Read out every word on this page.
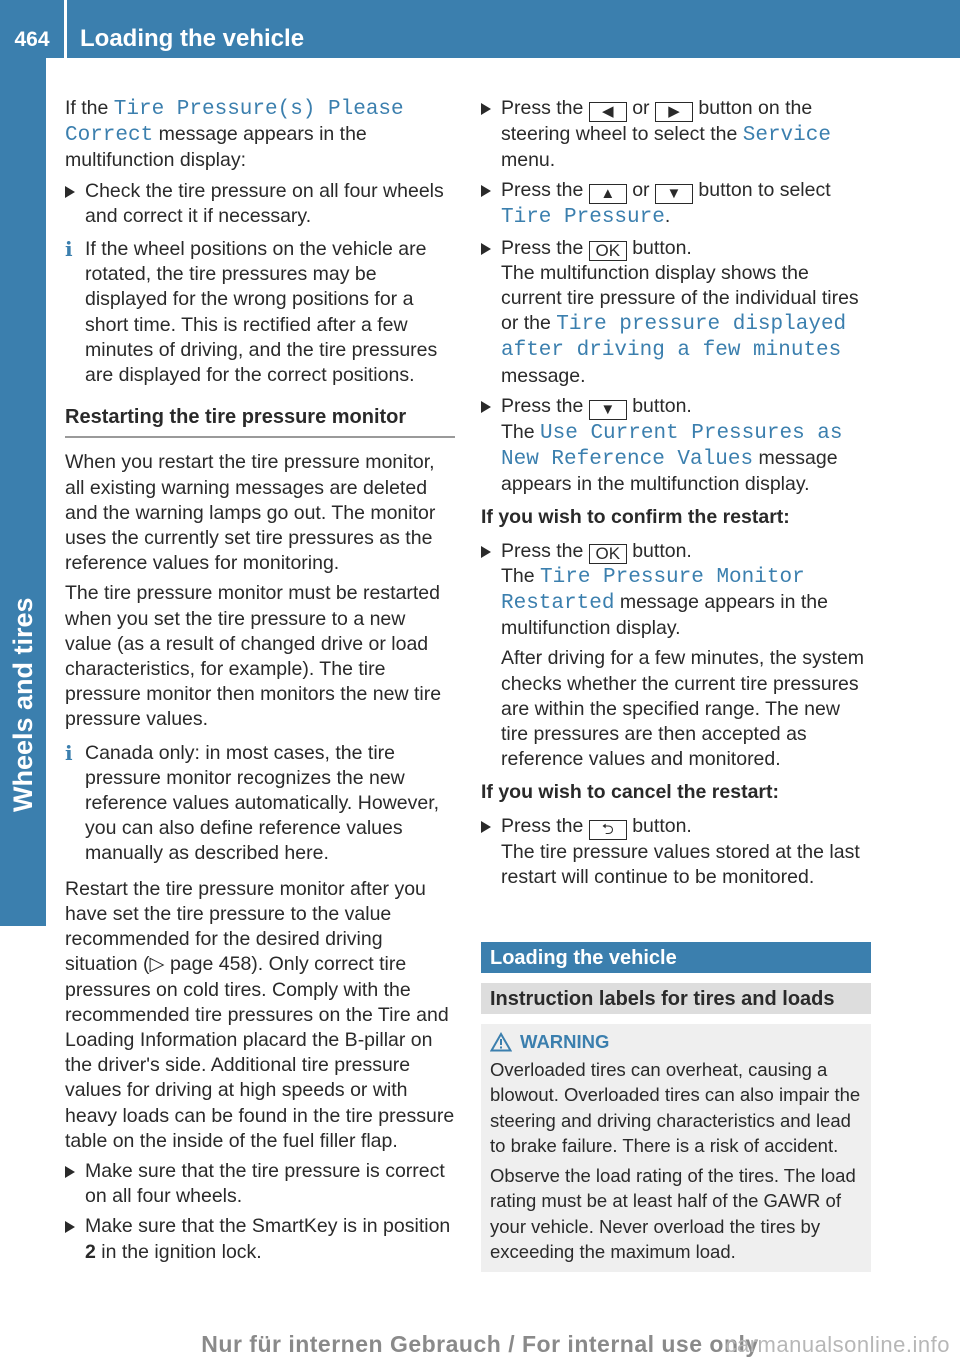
464	Loading the vehicle
Wheels and tires

If the Tire Pressure(s) Please Correct message appears in the multifunction display:

Check the tire pressure on all four wheels and correct it if necessary.
i If the wheel positions on the vehicle are rotated, the tire pressures may be displayed for the wrong positions for a short time. This is rectified after a few minutes of driving, and the tire pressures are displayed for the correct positions.
Restarting the tire pressure monitor

When you restart the tire pressure monitor, all existing warning messages are deleted and the warning lamps go out. The monitor uses the currently set tire pressures as the reference values for monitoring.

The tire pressure monitor must be restarted when you set the tire pressure to a new value (as a result of changed drive or load characteristics, for example). The tire pressure monitor then monitors the new tire pressure values.

i Canada only: in most cases, the tire pressure monitor recognizes the new reference values automatically. However, you can also define reference values manually as described here.

Restart the tire pressure monitor after you have set the tire pressure to the value recommended for the desired driving situation (▷ page 458). Only correct tire pressures on cold tires. Comply with the recommended tire pressures on the Tire and Loading Information placard the B-pillar on the driver's side. Additional tire pressure values for driving at high speeds or with heavy loads can be found in the tire pressure table on the inside of the fuel filler flap.

Make sure that the tire pressure is correct on all four wheels.
Make sure that the SmartKey is in position 2 in the ignition lock.
Press the ◀ or ▶ button on the steering wheel to select the Service menu.
Press the ▲ or ▼ button to select Tire Pressure.
Press the OK button.
The multifunction display shows the current tire pressure of the individual tires or the Tire pressure displayed after driving a few minutes
message.
Press the ▼ button.
The Use Current Pressures as New Reference Values message appears in the multifunction display.
If you wish to confirm the restart:
Press the OK button.
The Tire Pressure Monitor Restarted message appears in the multifunction display.

After driving for a few minutes, the system checks whether the current tire pressures are within the specified range. The new tire pressures are then accepted as reference values and monitored.

If you wish to cancel the restart:
Press the ⮌ button.
The tire pressure values stored at the last restart will continue to be monitored.
Loading the vehicle
Instruction labels for tires and loads
WARNING

Overloaded tires can overheat, causing a blowout. Overloaded tires can also impair the steering and driving characteristics and lead to brake failure. There is a risk of accident.

Observe the load rating of the tires. The load rating must be at least half of the GAWR of your vehicle. Never overload the tires by exceeding the maximum load.

Nur für internen Gebrauch / For internal use only
carmanualsonline.info
